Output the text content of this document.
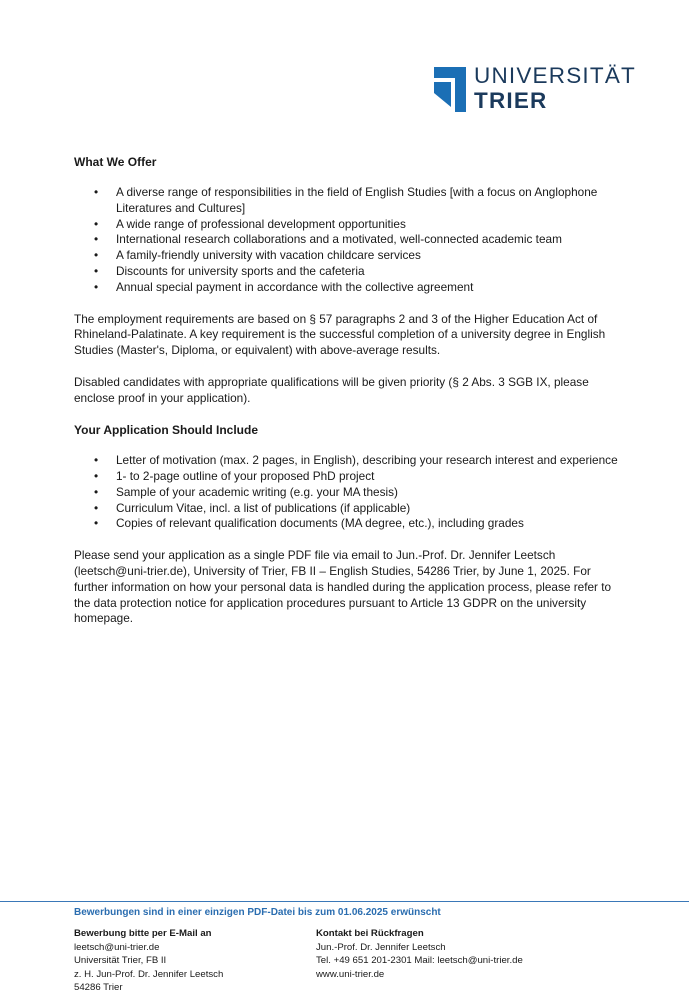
UNIVERSITÄT
TRIER
What We Offer
• A diverse range of responsibilities in the field of English Studies [with a focus on Anglophone Literatures and Cultures]
• A wide range of professional development opportunities
• International research collaborations and a motivated, well-connected academic team
• A family-friendly university with vacation childcare services
• Discounts for university sports and the cafeteria
• Annual special payment in accordance with the collective agreement

The employment requirements are based on § 57 paragraphs 2 and 3 of the Higher Education Act of Rhineland-Palatinate. A key requirement is the successful completion of a university degree in English Studies (Master's, Diploma, or equivalent) with above-average results.

Disabled candidates with appropriate qualifications will be given priority (§ 2 Abs. 3 SGB IX, please enclose proof in your application).

Your Application Should Include
• Letter of motivation (max. 2 pages, in English), describing your research interest and experience
• 1- to 2-page outline of your proposed PhD project
• Sample of your academic writing (e.g. your MA thesis)
• Curriculum Vitae, incl. a list of publications (if applicable)
• Copies of relevant qualification documents (MA degree, etc.), including grades

Please send your application as a single PDF file via email to Jun.-Prof. Dr. Jennifer Leetsch (leetsch@uni-trier.de), University of Trier, FB II – English Studies, 54286 Trier, by June 1, 2025. For further information on how your personal data is handled during the application process, please refer to the data protection notice for application procedures pursuant to Article 13 GDPR on the university homepage.

Bewerbungen sind in einer einzigen PDF-Datei bis zum 01.06.2025 erwünscht
Bewerbung bitte per E-Mail an
leetsch@uni-trier.de
Universität Trier, FB II
z. H. Jun-Prof. Dr. Jennifer Leetsch
54286 Trier
Kontakt bei Rückfragen
Jun.-Prof. Dr. Jennifer Leetsch
Tel. +49 651 201-2301 Mail: leetsch@uni-trier.de
www.uni-trier.de
